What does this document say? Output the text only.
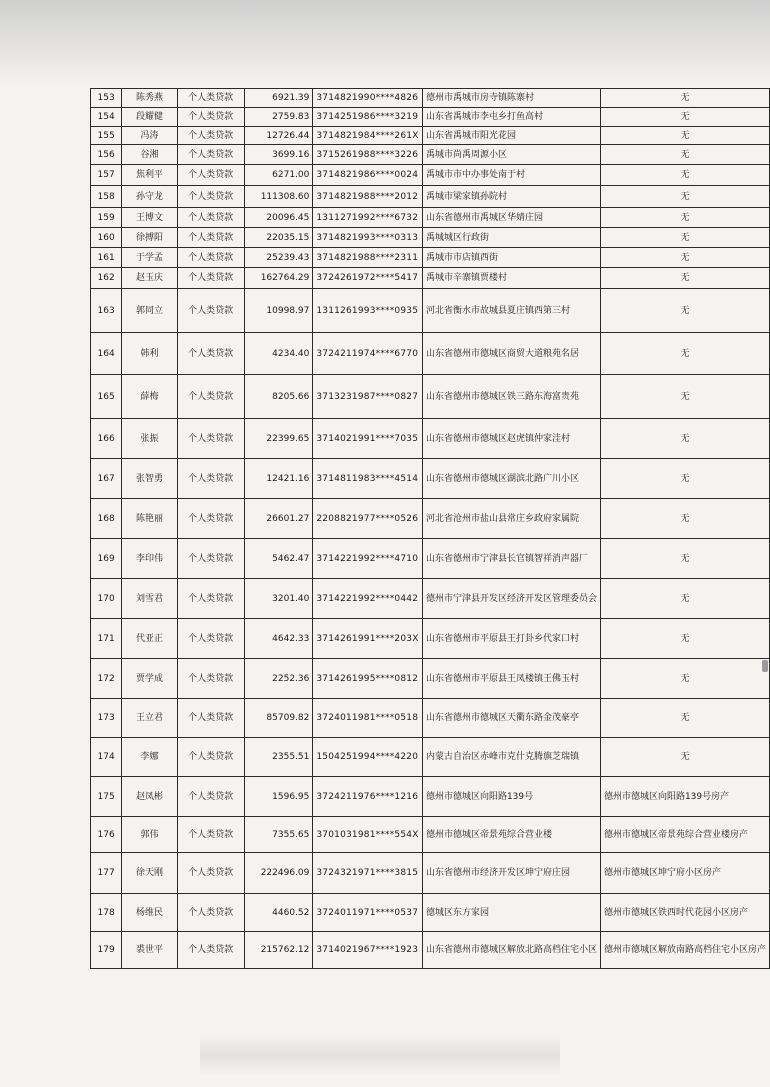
153	陈秀燕	个人类贷款	6921.39	3714821990****4826	德州市禹城市房寺镇陈寨村	无
154	段耀健	个人类贷款	2759.83	3714251986****3219	山东省禹城市李屯乡打鱼高村	无
155	冯涛	个人类贷款	12726.44	3714821984****261X	山东省禹城市阳光花园	无
156	谷湘	个人类贷款	3699.16	3715261988****3226	禹城市尚禹周源小区	无
157	焦利平	个人类贷款	6271.00	3714821986****0024	禹城市市中办事处南于村	无
158	孙守龙	个人类贷款	111308.60	3714821988****2012	禹城市梁家镇孙院村	无
159	王博文	个人类贷款	20096.45	1311271992****6732	山东省德州市禹城区华婧庄园	无
160	徐搏阳	个人类贷款	22035.15	3714821993****0313	禹城城区行政街	无
161	于学孟	个人类贷款	25239.43	3714821988****2311	禹城市市店镇西街	无
162	赵玉庆	个人类贷款	162764.29	3724261972****5417	禹城市辛寨镇贾楼村	无
163	郭同立	个人类贷款	10998.97	1311261993****0935	河北省衡水市故城县夏庄镇西第三村	无
164	韩利	个人类贷款	4234.40	3724211974****6770	山东省德州市德城区商贸大道粮苑名居	无
165	薛梅	个人类贷款	8205.66	3713231987****0827	山东省德州市德城区铁三路东海富贵苑	无
166	张振	个人类贷款	22399.65	3714021991****7035	山东省德州市德城区赵虎镇仲家洼村	无
167	张智勇	个人类贷款	12421.16	3714811983****4514	山东省德州市德城区湖滨北路广川小区	无
168	陈艳丽	个人类贷款	26601.27	2208821977****0526	河北省沧州市盐山县常庄乡政府家属院	无
169	李印伟	个人类贷款	5462.47	3714221992****4710	山东省德州市宁津县长官镇智祥消声器厂	无
170	刘雪君	个人类贷款	3201.40	3714221992****0442	德州市宁津县开发区经济开发区管理委员会	无
171	代亚正	个人类贷款	4642.33	3714261991****203X	山东省德州市平原县王打卦乡代家口村	无
172	贾学成	个人类贷款	2252.36	3714261995****0812	山东省德州市平原县王凤楼镇王佛玉村	无
173	王立君	个人类贷款	85709.82	3724011981****0518	山东省德州市德城区天衢东路金茂豪亭	无
174	李娜	个人类贷款	2355.51	1504251994****4220	内蒙古自治区赤峰市克什克腾旗芝瑞镇	无
175	赵凤彬	个人类贷款	1596.95	3724211976****1216	德州市德城区向阳路139号	德州市德城区向阳路139号房产
176	郭伟	个人类贷款	7355.65	3701031981****554X	德州市德城区帝景苑综合营业楼	德州市德城区帝景苑综合营业楼房产
177	徐天刚	个人类贷款	222496.09	3724321971****3815	山东省德州市经济开发区坤宁府庄园	德州市德城区坤宁府小区房产
178	杨维民	个人类贷款	4460.52	3724011971****0537	德城区东方家园	德州市德城区铁西时代花园小区房产
179	裘世平	个人类贷款	215762.12	3714021967****1923	山东省德州市德城区解放北路高档住宅小区	德州市德城区解放南路高档住宅小区房产
